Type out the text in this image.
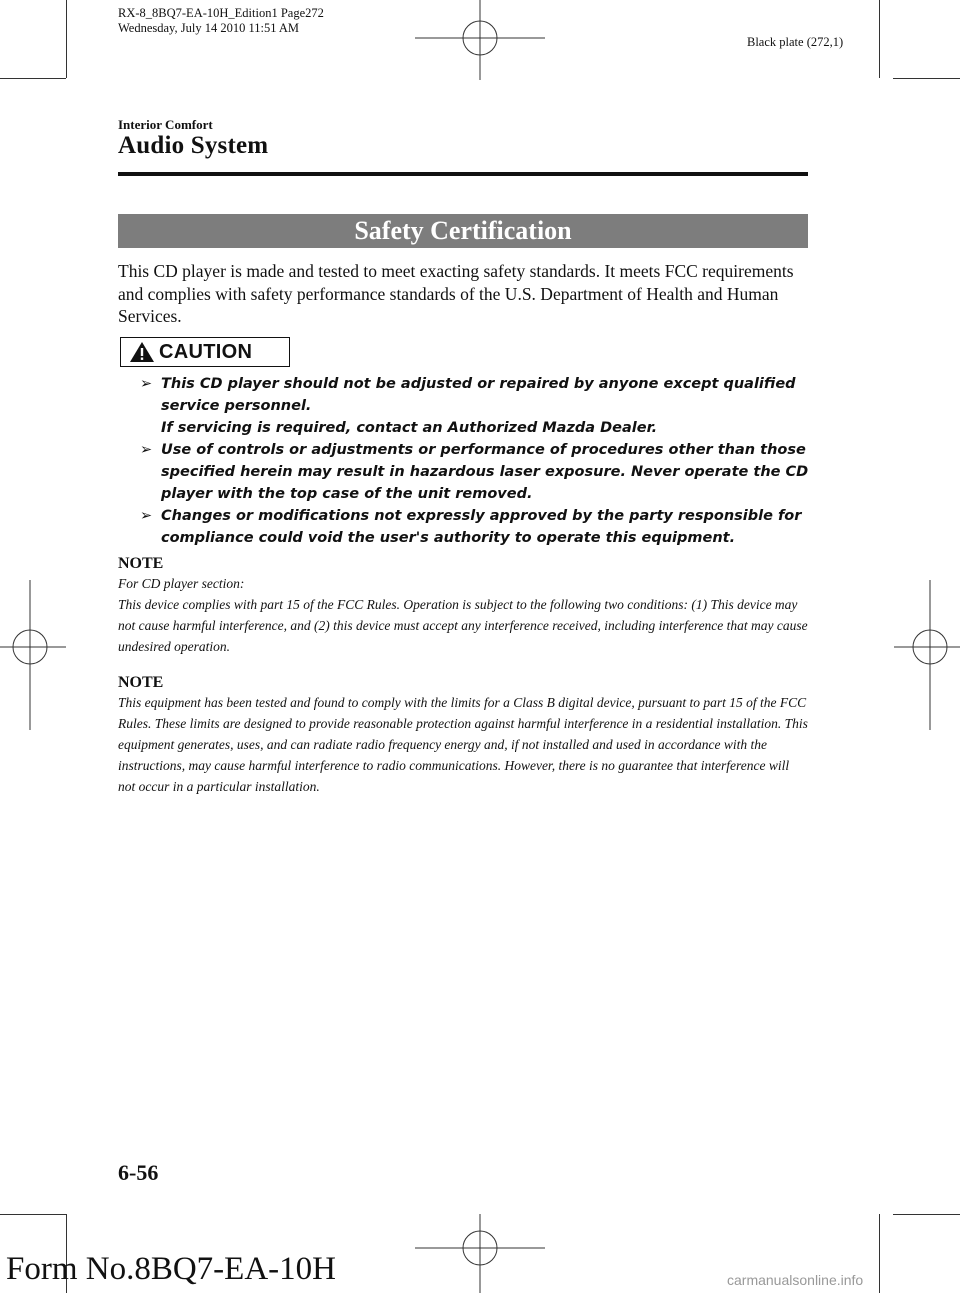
RX-8_8BQ7-EA-10H_Edition1 Page272
Wednesday, July 14 2010 11:51 AM
Black plate (272,1)
Interior Comfort
Audio System
Safety Certification
This CD player is made and tested to meet exacting safety standards. It meets FCC requirements and complies with safety performance standards of the U.S. Department of Health and Human Services.
CAUTION
➢ This CD player should not be adjusted or repaired by anyone except qualified service personnel.
If servicing is required, contact an Authorized Mazda Dealer.
➢ Use of controls or adjustments or performance of procedures other than those specified herein may result in hazardous laser exposure. Never operate the CD player with the top case of the unit removed.
➢ Changes or modifications not expressly approved by the party responsible for compliance could void the user's authority to operate this equipment.
NOTE
For CD player section:
This device complies with part 15 of the FCC Rules. Operation is subject to the following two conditions: (1) This device may not cause harmful interference, and (2) this device must accept any interference received, including interference that may cause undesired operation.
NOTE
This equipment has been tested and found to comply with the limits for a Class B digital device, pursuant to part 15 of the FCC Rules. These limits are designed to provide reasonable protection against harmful interference in a residential installation. This equipment generates, uses, and can radiate radio frequency energy and, if not installed and used in accordance with the instructions, may cause harmful interference to radio communications. However, there is no guarantee that interference will not occur in a particular installation.
6-56
Form No.8BQ7-EA-10H	carmanualsonline.info
